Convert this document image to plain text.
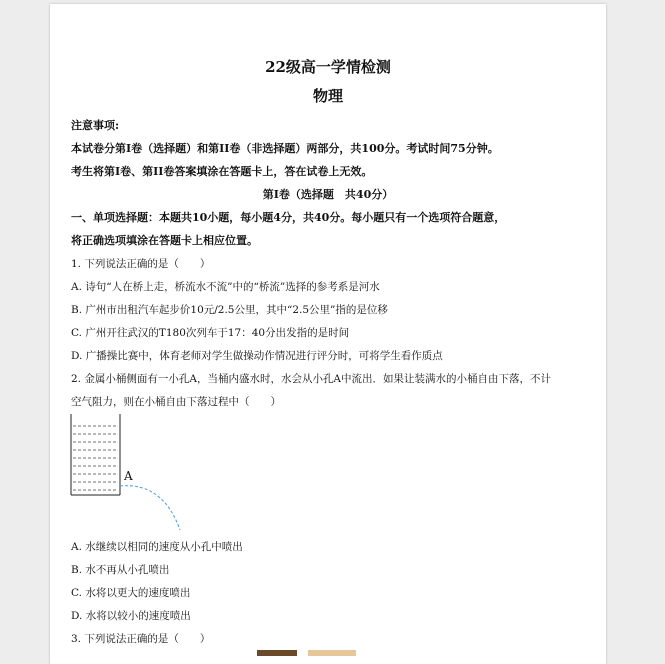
22级高一学情检测
物理
注意事项:
本试卷分第I卷（选择题）和第II卷（非选择题）两部分，共100分。考试时间75分钟。
考生将第I卷、第II卷答案填涂在答题卡上，答在试卷上无效。
第I卷（选择题　共40分）
一、单项选择题：本题共10小题，每小题4分，共40分。每小题只有一个选项符合题意，
将正确选项填涂在答题卡上相应位置。
1. 下列说法正确的是（　　）
A. 诗句“人在桥上走，桥流水不流”中的“桥流”选择的参考系是河水
B. 广州市出租汽车起步价10元/2.5公里，其中“2.5公里”指的是位移
C. 广州开往武汉的T180次列车于17：40分出发指的是时间
D. 广播操比赛中，体育老师对学生做操动作情况进行评分时，可将学生看作质点
2. 金属小桶侧面有一小孔A，当桶内盛水时，水会从小孔A中流出．如果让装满水的小桶自由下落，不计
空气阻力，则在小桶自由下落过程中（　　）
A
A. 水继续以相同的速度从小孔中喷出
B. 水不再从小孔喷出
C. 水将以更大的速度喷出
D. 水将以较小的速度喷出
3. 下列说法正确的是（　　）
